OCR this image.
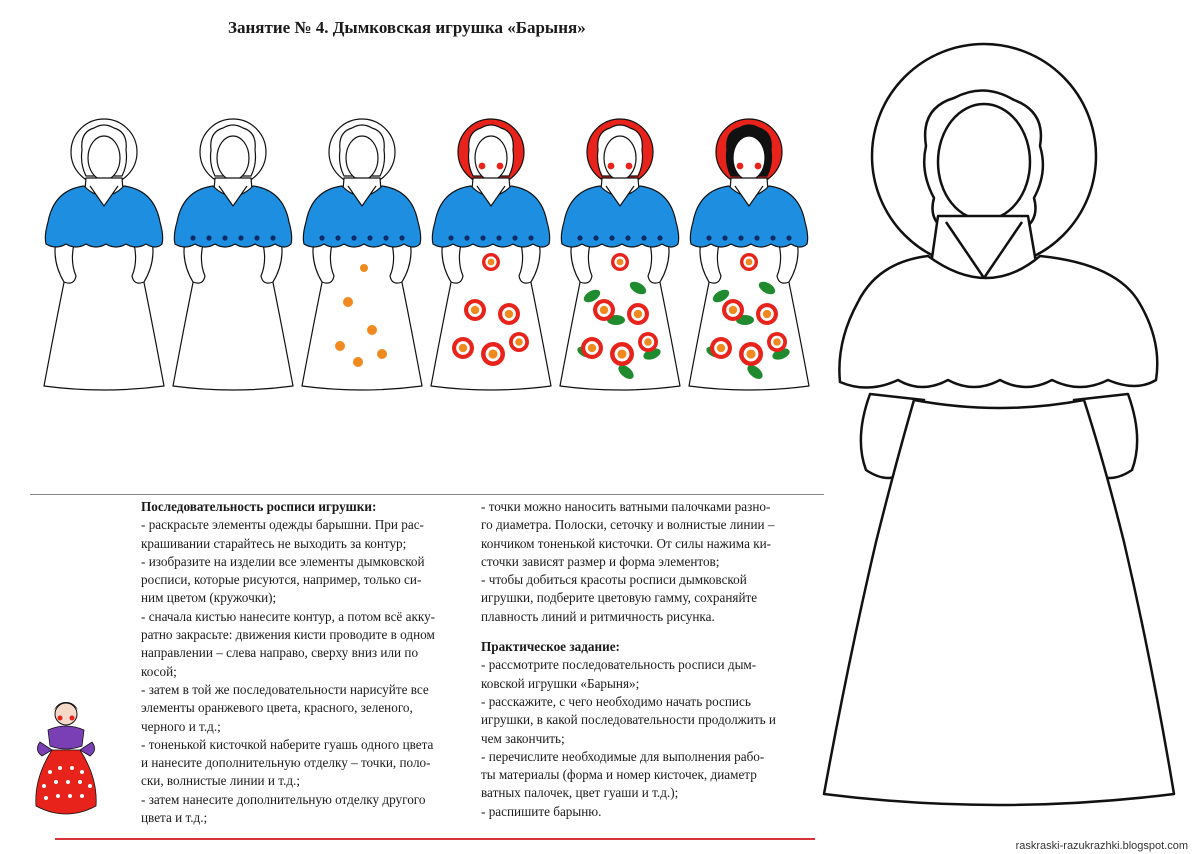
Занятие № 4. Дымковская игрушка «Барыня»
Последовательность росписи игрушки:
- раскрасьте элементы одежды барышни. При рас-
крашивании старайтесь не выходить за контур;
- изобразите на изделии все элементы дымковской
росписи, которые рисуются, например, только си-
ним цветом (кружочки);
- сначала кистью нанесите контур, а потом всё акку-
ратно закрасьте: движения кисти проводите в одном
направлении – слева направо, сверху вниз или по
косой;
- затем в той же последовательности нарисуйте все
элементы оранжевого цвета, красного, зеленого,
черного и т.д.;
- тоненькой кисточкой наберите гуашь одного цвета
и нанесите дополнительную отделку – точки, поло-
ски, волнистые линии и т.д.;
- затем нанесите дополнительную отделку другого
цвета и т.д.;
- точки можно наносить ватными палочками разно-
го диаметра. Полоски, сеточку и волнистые линии –
кончиком тоненькой кисточки. От силы нажима ки-
сточки зависят размер и форма элементов;
- чтобы добиться красоты росписи дымковской
игрушки, подберите цветовую гамму, сохраняйте
плавность линий и ритмичность рисунка.
Практическое задание:
- рассмотрите последовательность росписи дым-
ковской игрушки «Барыня»;
- расскажите, с чего необходимо начать роспись
игрушки, в какой последовательности продолжить и
чем закончить;
- перечислите необходимые для выполнения рабо-
ты материалы (форма и номер кисточек, диаметр
ватных палочек, цвет гуаши и т.д.);
- распишите барыню.
raskraski-razukrazhki.blogspot.com
